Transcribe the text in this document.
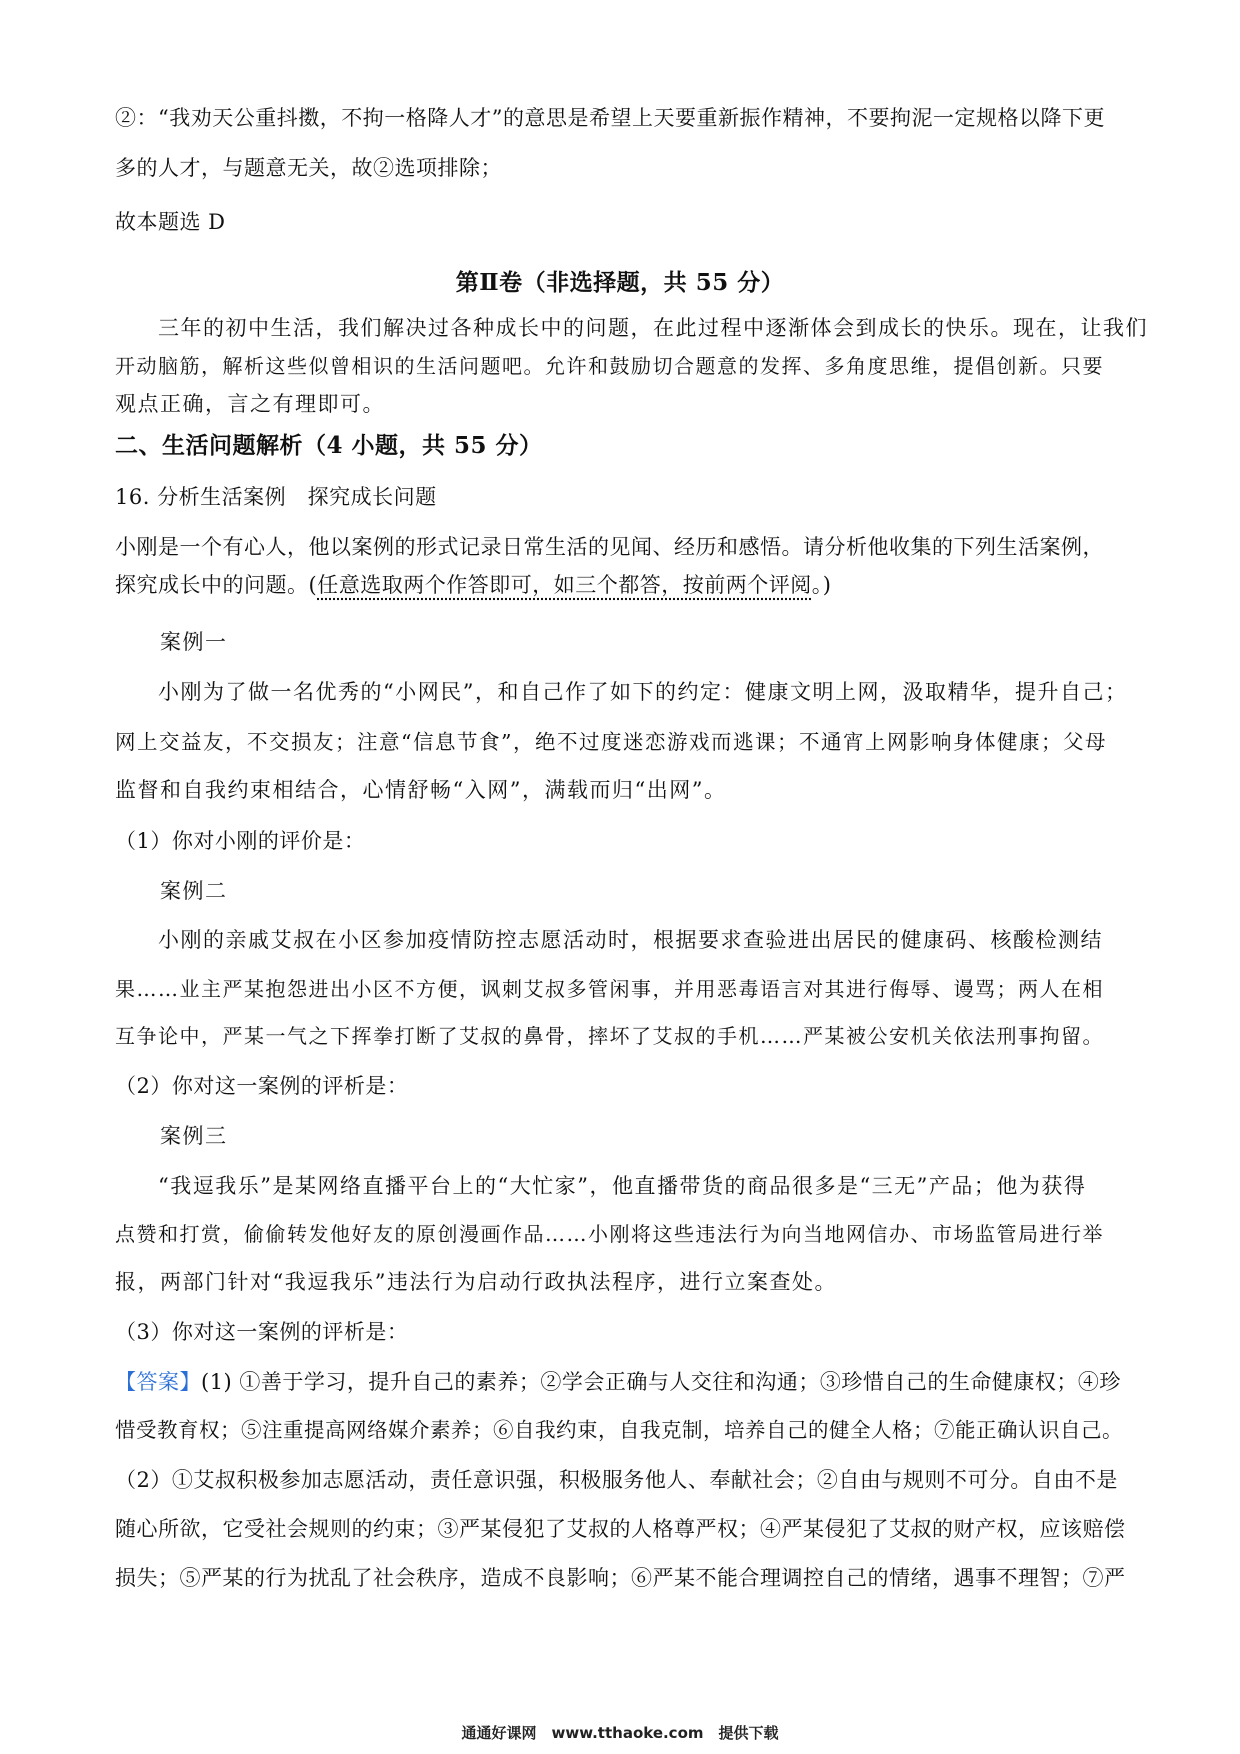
②：“我劝天公重抖擞，不拘一格降人才”的意思是希望上天要重新振作精神，不要拘泥一定规格以降下更
多的人才，与题意无关，故②选项排除；
故本题选 D
第Ⅱ卷（非选择题，共 55 分）
三年的初中生活，我们解决过各种成长中的问题，在此过程中逐渐体会到成长的快乐。现在，让我们
开动脑筋，解析这些似曾相识的生活问题吧。允许和鼓励切合题意的发挥、多角度思维，提倡创新。只要
观点正确，言之有理即可。
二、生活问题解析（4 小题，共 55 分）
16. 分析生活案例　探究成长问题
小刚是一个有心人，他以案例的形式记录日常生活的见闻、经历和感悟。请分析他收集的下列生活案例，
探究成长中的问题。(任意选取两个作答即可，如三个都答，按前两个评阅。)
案例一
小刚为了做一名优秀的“小网民”，和自己作了如下的约定：健康文明上网，汲取精华，提升自己；
网上交益友，不交损友；注意“信息节食”，绝不过度迷恋游戏而逃课；不通宵上网影响身体健康；父母
监督和自我约束相结合，心情舒畅“入网”，满载而归“出网”。
（1）你对小刚的评价是：
案例二
小刚的亲戚艾叔在小区参加疫情防控志愿活动时，根据要求查验进出居民的健康码、核酸检测结
果……业主严某抱怨进出小区不方便，讽刺艾叔多管闲事，并用恶毒语言对其进行侮辱、谩骂；两人在相
互争论中，严某一气之下挥拳打断了艾叔的鼻骨，摔坏了艾叔的手机……严某被公安机关依法刑事拘留。
（2）你对这一案例的评析是：
案例三
“我逗我乐”是某网络直播平台上的“大忙家”，他直播带货的商品很多是“三无”产品；他为获得
点赞和打赏，偷偷转发他好友的原创漫画作品……小刚将这些违法行为向当地网信办、市场监管局进行举
报，两部门针对“我逗我乐”违法行为启动行政执法程序，进行立案查处。
（3）你对这一案例的评析是：
【答案】(1) ①善于学习，提升自己的素养；②学会正确与人交往和沟通；③珍惜自己的生命健康权；④珍
惜受教育权；⑤注重提高网络媒介素养；⑥自我约束，自我克制，培养自己的健全人格；⑦能正确认识自己。
（2）①艾叔积极参加志愿活动，责任意识强，积极服务他人、奉献社会；②自由与规则不可分。自由不是
随心所欲，它受社会规则的约束；③严某侵犯了艾叔的人格尊严权；④严某侵犯了艾叔的财产权，应该赔偿
损失；⑤严某的行为扰乱了社会秩序，造成不良影响；⑥严某不能合理调控自己的情绪，遇事不理智；⑦严
通通好课网　www.tthaoke.com　提供下载
